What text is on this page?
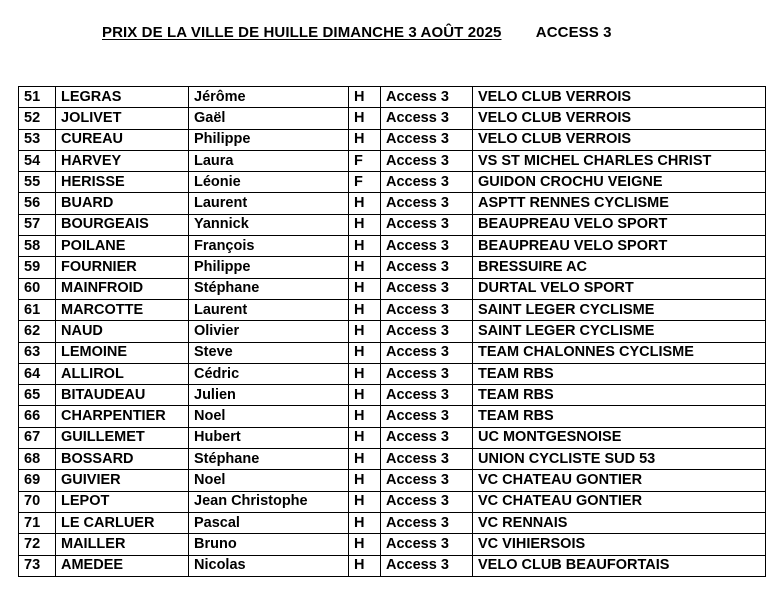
PRIX DE LA VILLE DE HUILLE DIMANCHE 3 AOÛT 2025 ACCESS 3
51	LEGRAS	Jérôme	H	Access 3	VELO CLUB VERROIS
52	JOLIVET	Gaël	H	Access 3	VELO CLUB VERROIS
53	CUREAU	Philippe	H	Access 3	VELO CLUB VERROIS
54	HARVEY	Laura	F	Access 3	VS ST MICHEL CHARLES CHRIST
55	HERISSE	Léonie	F	Access 3	GUIDON CROCHU VEIGNE
56	BUARD	Laurent	H	Access 3	ASPTT RENNES CYCLISME
57	BOURGEAIS	Yannick	H	Access 3	BEAUPREAU VELO SPORT
58	POILANE	François	H	Access 3	BEAUPREAU VELO SPORT
59	FOURNIER	Philippe	H	Access 3	BRESSUIRE AC
60	MAINFROID	Stéphane	H	Access 3	DURTAL VELO SPORT
61	MARCOTTE	Laurent	H	Access 3	SAINT LEGER CYCLISME
62	NAUD	Olivier	H	Access 3	SAINT LEGER CYCLISME
63	LEMOINE	Steve	H	Access 3	TEAM CHALONNES CYCLISME
64	ALLIROL	Cédric	H	Access 3	TEAM RBS
65	BITAUDEAU	Julien	H	Access 3	TEAM RBS
66	CHARPENTIER	Noel	H	Access 3	TEAM RBS
67	GUILLEMET	Hubert	H	Access 3	UC MONTGESNOISE
68	BOSSARD	Stéphane	H	Access 3	UNION CYCLISTE SUD 53
69	GUIVIER	Noel	H	Access 3	VC CHATEAU GONTIER
70	LEPOT	Jean Christophe	H	Access 3	VC CHATEAU GONTIER
71	LE CARLUER	Pascal	H	Access 3	VC RENNAIS
72	MAILLER	Bruno	H	Access 3	VC VIHIERSOIS
73	AMEDEE	Nicolas	H	Access 3	VELO CLUB BEAUFORTAIS
